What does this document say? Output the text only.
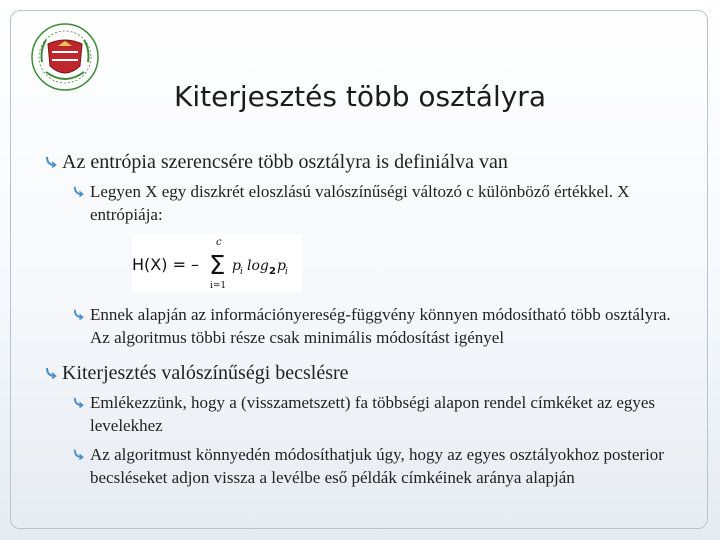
Kiterjesztés több osztályra
Az entrópia szerencsére több osztályra is definiálva van
Legyen X egy diszkrét eloszlású valószínűségi változó c különböző értékkel. X entrópiája:
H(X) = –
c
Σ
i=1
p i log 2 p i
Ennek alapján az információnyereség-függvény könnyen módosítható több osztályra. Az algoritmus többi része csak minimális módosítást igényel
Kiterjesztés valószínűségi becslésre
Emlékezzünk, hogy a (visszametszett) fa többségi alapon rendel címkéket az egyes levelekhez
Az algoritmust könnyedén módosíthatjuk úgy, hogy az egyes osztályokhoz posterior becsléseket adjon vissza a levélbe eső példák címkéinek aránya alapján
